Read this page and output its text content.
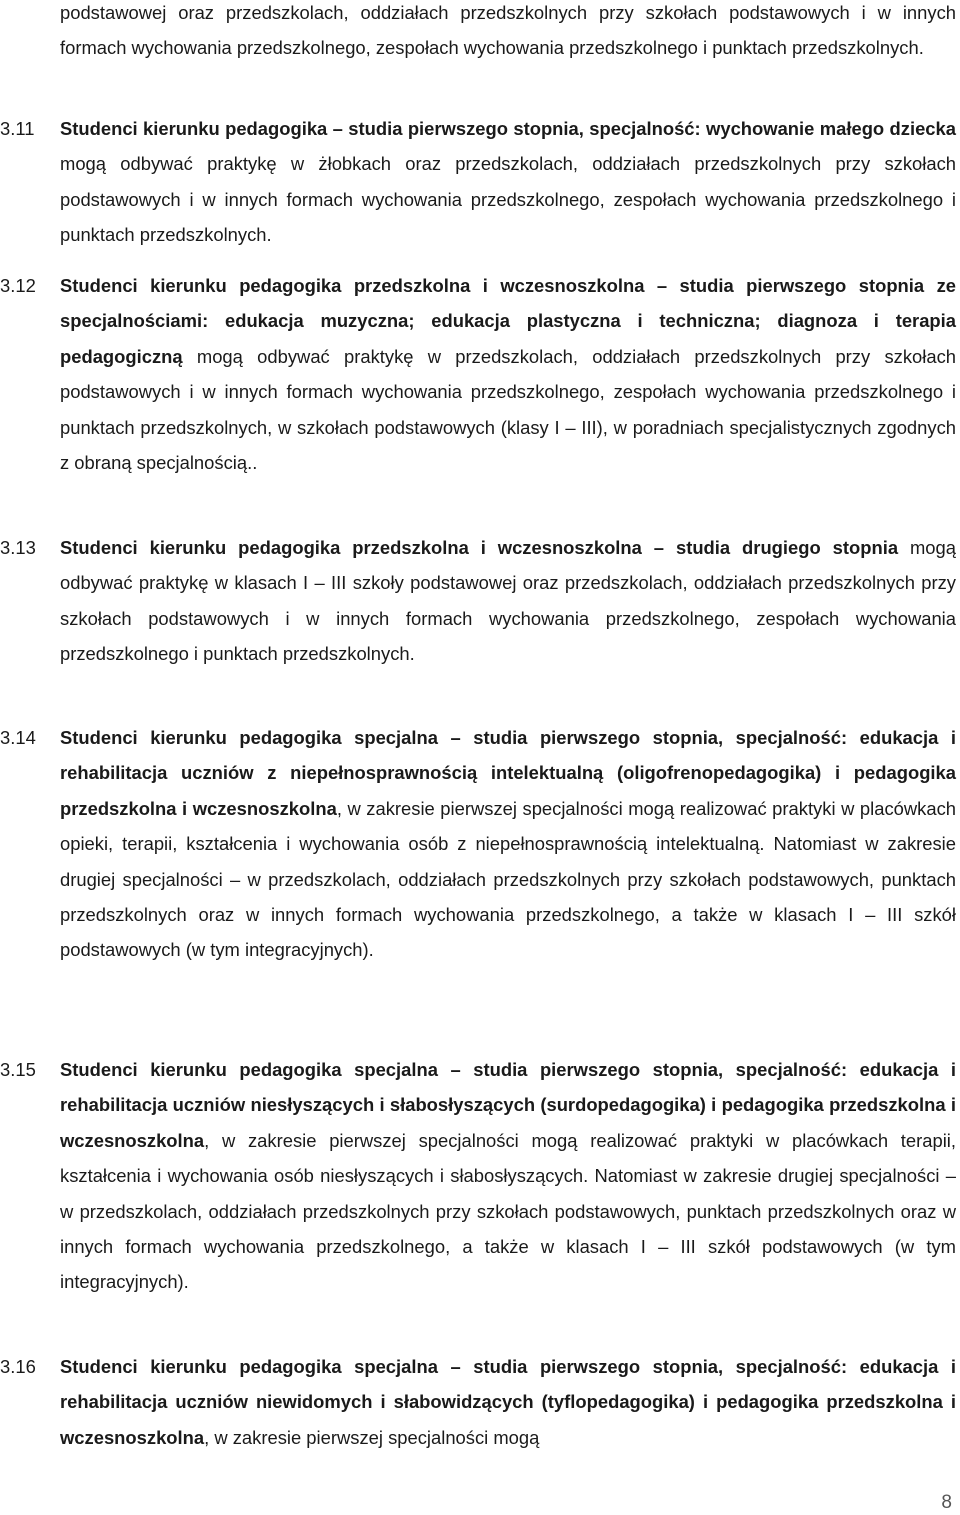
podstawowej oraz przedszkolach, oddziałach przedszkolnych przy szkołach podstawowych i w innych formach wychowania przedszkolnego, zespołach wychowania przedszkolnego i punktach przedszkolnych.

3.11 Studenci kierunku pedagogika – studia pierwszego stopnia, specjalność: wychowanie małego dziecka mogą odbywać praktykę w żłobkach oraz przedszkolach, oddziałach przedszkolnych przy szkołach podstawowych i w innych formach wychowania przedszkolnego, zespołach wychowania przedszkolnego i punktach przedszkolnych.

3.12 Studenci kierunku pedagogika przedszkolna i wczesnoszkolna – studia pierwszego stopnia ze specjalnościami: edukacja muzyczna; edukacja plastyczna i techniczna; diagnoza i terapia pedagogiczną mogą odbywać praktykę w przedszkolach, oddziałach przedszkolnych przy szkołach podstawowych i w innych formach wychowania przedszkolnego, zespołach wychowania przedszkolnego i punktach przedszkolnych, w szkołach podstawowych (klasy I – III), w poradniach specjalistycznych zgodnych z obraną specjalnością..

3.13 Studenci kierunku pedagogika przedszkolna i wczesnoszkolna – studia drugiego stopnia mogą odbywać praktykę w klasach I – III szkoły podstawowej oraz przedszkolach, oddziałach przedszkolnych przy szkołach podstawowych i w innych formach wychowania przedszkolnego, zespołach wychowania przedszkolnego i punktach przedszkolnych.

3.14 Studenci kierunku pedagogika specjalna – studia pierwszego stopnia, specjalność: edukacja i rehabilitacja uczniów z niepełnosprawnością intelektualną (oligofrenopedagogika) i pedagogika przedszkolna i wczesnoszkolna, w zakresie pierwszej specjalności mogą realizować praktyki w placówkach opieki, terapii, kształcenia i wychowania osób z niepełnosprawnością intelektualną. Natomiast w zakresie drugiej specjalności – w przedszkolach, oddziałach przedszkolnych przy szkołach podstawowych, punktach przedszkolnych oraz w innych formach wychowania przedszkolnego, a także w klasach I – III szkół podstawowych (w tym integracyjnych).

3.15 Studenci kierunku pedagogika specjalna – studia pierwszego stopnia, specjalność: edukacja i rehabilitacja uczniów niesłyszących i słabosłyszących (surdopedagogika) i pedagogika przedszkolna i wczesnoszkolna, w zakresie pierwszej specjalności mogą realizować praktyki w placówkach terapii, kształcenia i wychowania osób niesłyszących i słabosłyszących. Natomiast w zakresie drugiej specjalności – w przedszkolach, oddziałach przedszkolnych przy szkołach podstawowych, punktach przedszkolnych oraz w innych formach wychowania przedszkolnego, a także w klasach I – III szkół podstawowych (w tym integracyjnych).

3.16 Studenci kierunku pedagogika specjalna – studia pierwszego stopnia, specjalność: edukacja i rehabilitacja uczniów niewidomych i słabowidzących (tyflopedagogika) i pedagogika przedszkolna i wczesnoszkolna, w zakresie pierwszej specjalności mogą

8
